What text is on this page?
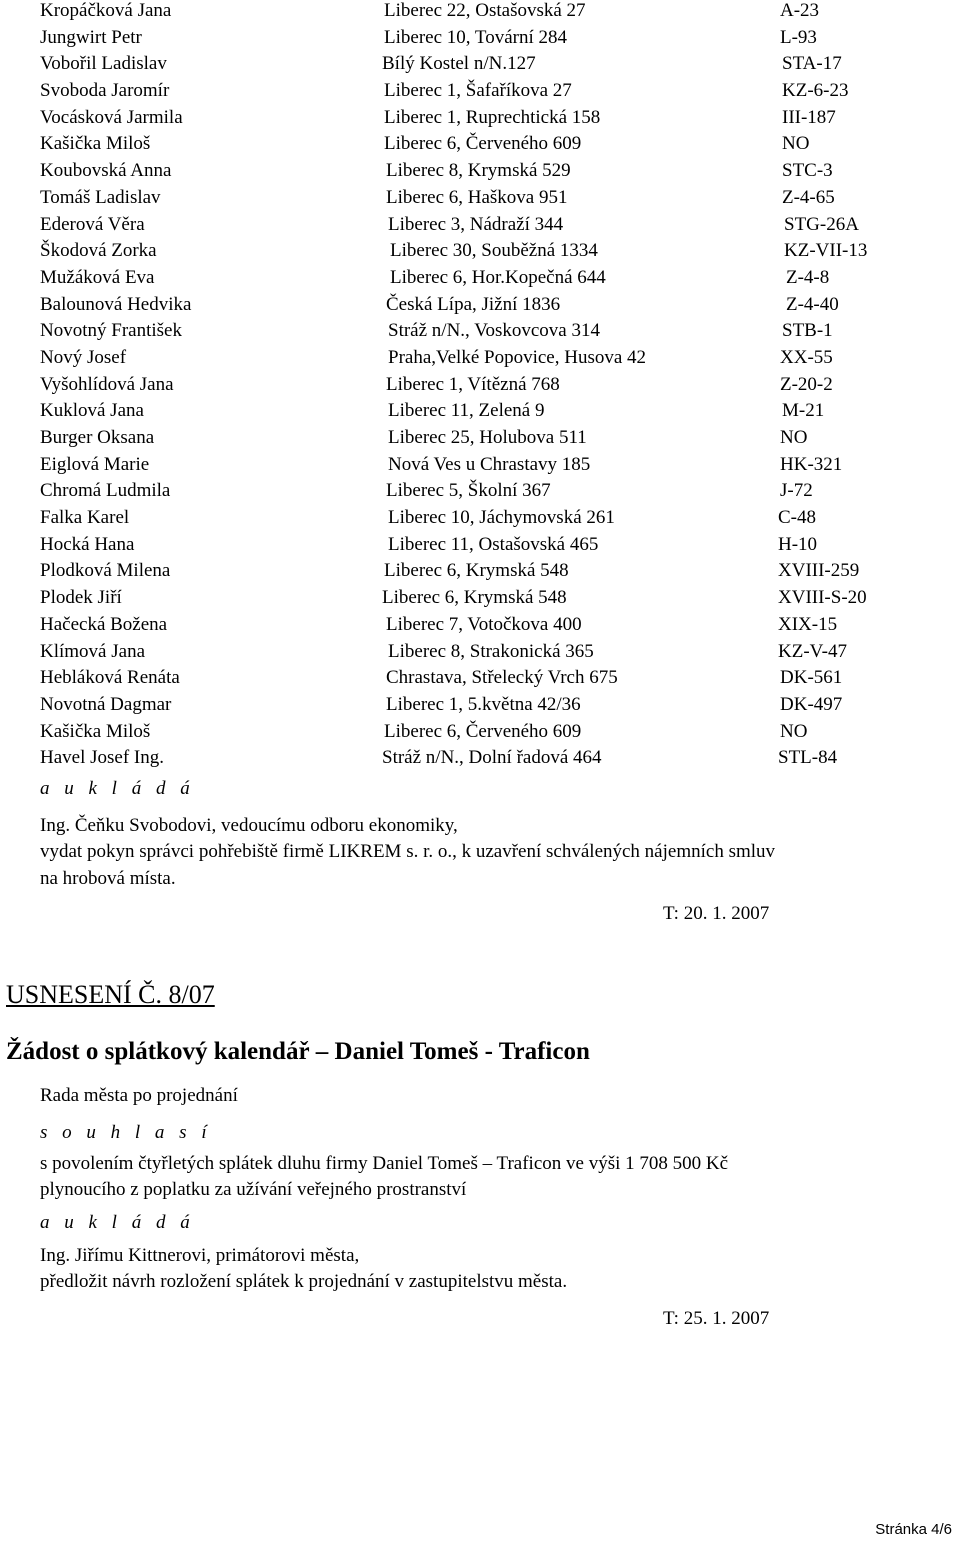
Kropáčková Jana	Liberec 22, Ostašovská 27	A-23
Jungwirt Petr	Liberec 10, Tovární 284	L-93
Vobořil Ladislav	Bílý Kostel n/N.127	STA-17
Svoboda Jaromír	Liberec 1, Šafaříkova 27	KZ-6-23
Vocásková Jarmila	Liberec 1, Ruprechtická 158	III-187
Kašička Miloš	Liberec 6, Červeného 609	NO
Koubovská Anna	Liberec 8, Krymská 529	STC-3
Tomáš Ladislav	Liberec 6, Haškova 951	Z-4-65
Ederová Věra	Liberec 3, Nádraží 344	STG-26A
Škodová Zorka	Liberec 30, Souběžná 1334	KZ-VII-13
Mužáková Eva	Liberec 6, Hor.Kopečná 644	Z-4-8
Balounová Hedvika	Česká Lípa, Jižní 1836	Z-4-40
Novotný František	Stráž n/N., Voskovcova 314	STB-1
Nový Josef	Praha,Velké Popovice, Husova 42	XX-55
Vyšohlídová Jana	Liberec 1, Vítězná 768	Z-20-2
Kuklová Jana	Liberec 11, Zelená 9	M-21
Burger Oksana	Liberec 25, Holubova 511	NO
Eiglová Marie	Nová Ves u Chrastavy 185	HK-321
Chromá Ludmila	Liberec 5, Školní 367	J-72
Falka Karel	Liberec 10, Jáchymovská 261	C-48
Hocká Hana	Liberec 11, Ostašovská 465	H-10
Plodková Milena	Liberec 6, Krymská 548	XVIII-259
Plodek Jiří	Liberec 6, Krymská 548	XVIII-S-20
Hačecká Božena	Liberec 7, Votočkova 400	XIX-15
Klímová Jana	Liberec 8, Strakonická 365	KZ-V-47
Hebláková Renáta	Chrastava, Střelecký Vrch 675	DK-561
Novotná Dagmar	Liberec 1, 5.května 42/36	DK-497
Kašička Miloš	Liberec 6, Červeného 609	NO
Havel Josef Ing.	Stráž n/N., Dolní řadová 464	STL-84
a u k l á d á
Ing. Čeňku Svobodovi, vedoucímu odboru ekonomiky,
vydat pokyn správci pohřebiště firmě LIKREM s. r. o., k uzavření schválených nájemních smluv
na hrobová místa.
T: 20. 1. 2007
USNESENÍ Č. 8/07
Žádost o splátkový kalendář – Daniel Tomeš - Traficon
Rada města po projednání
s o u h l a s í
s povolením čtyřletých splátek dluhu firmy Daniel Tomeš – Traficon ve výši 1 708 500 Kč
plynoucího z poplatku za užívání veřejného prostranství
a u k l á d á
Ing. Jiřímu Kittnerovi, primátorovi města,
předložit návrh rozložení splátek k projednání v zastupitelstvu města.
T: 25. 1. 2007
Stránka 4/6
